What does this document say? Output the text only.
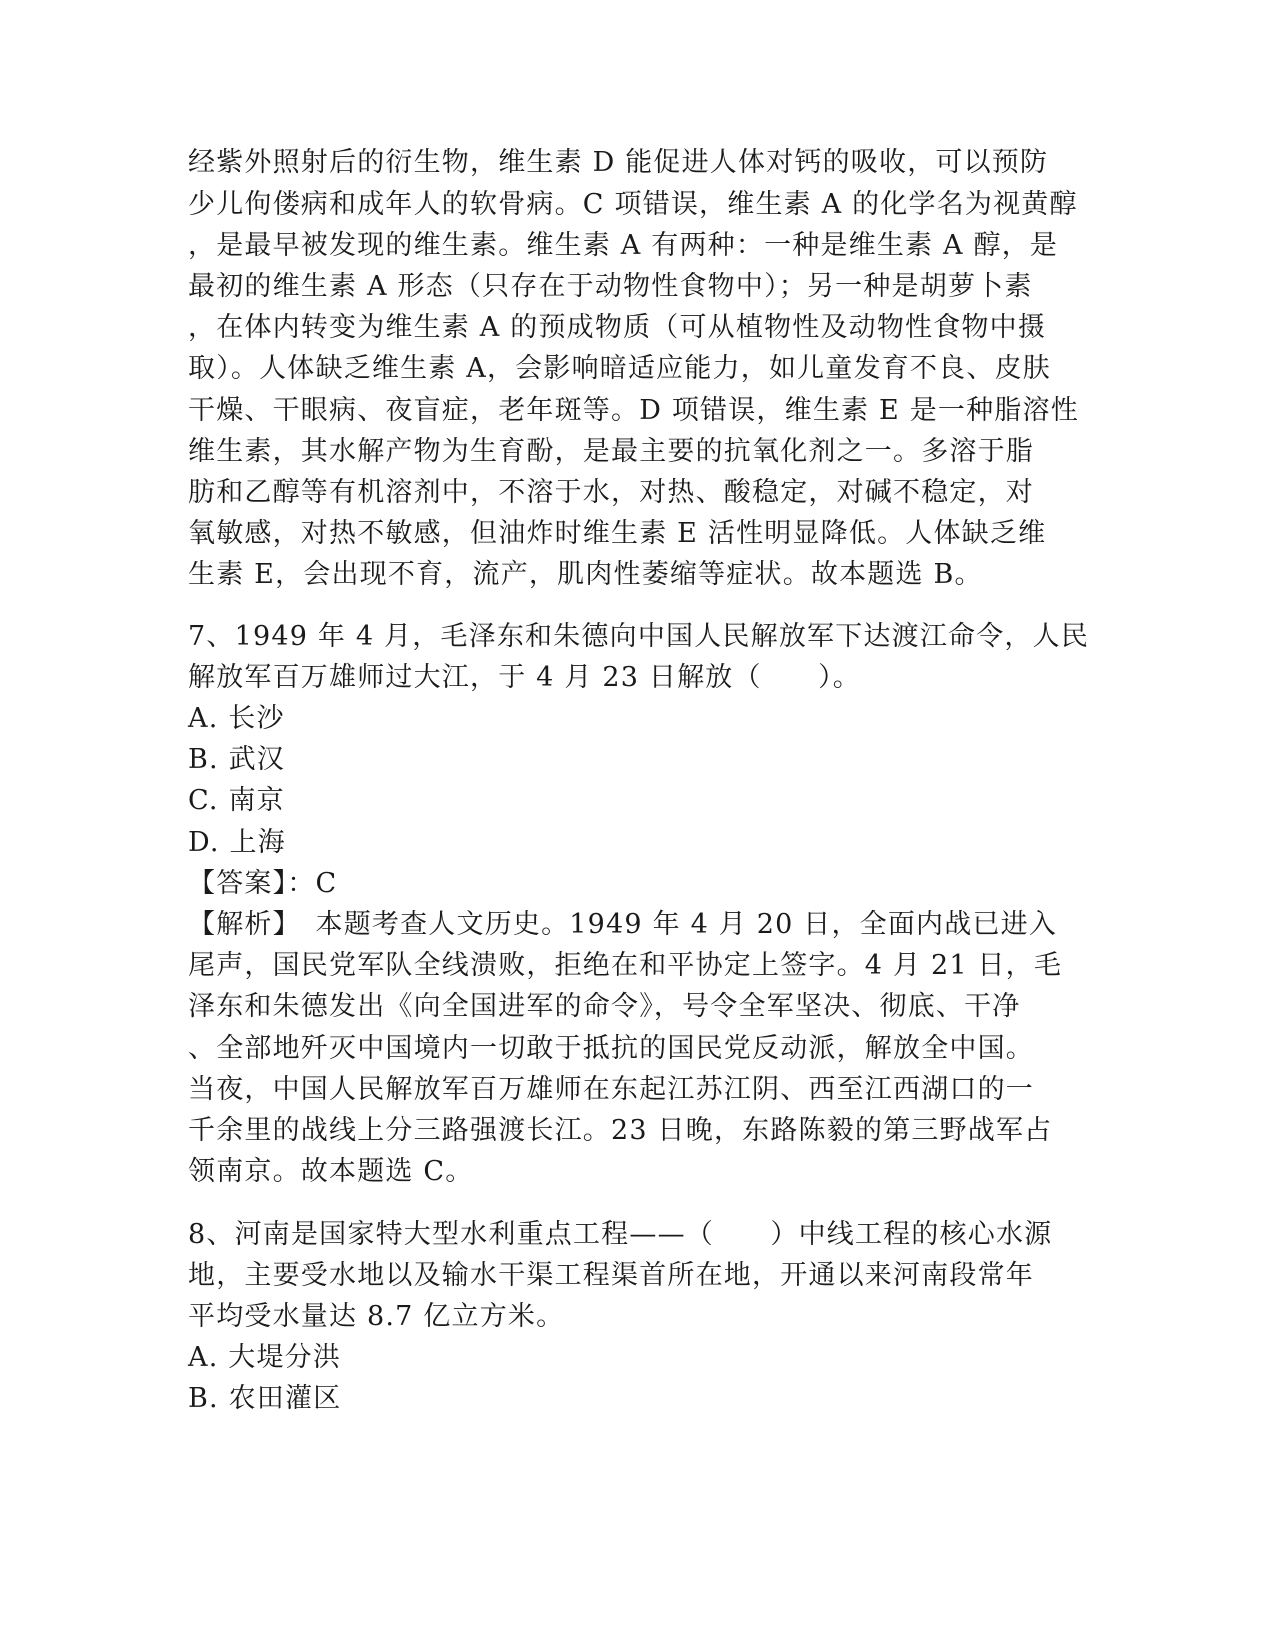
经紫外照射后的衍生物，维生素 D 能促进人体对钙的吸收，可以预防
少儿佝偻病和成年人的软骨病。C 项错误，维生素 A 的化学名为视黄醇
，是最早被发现的维生素。维生素 A 有两种：一种是维生素 A 醇，是
最初的维生素 A 形态（只存在于动物性食物中）；另一种是胡萝卜素
，在体内转变为维生素 A 的预成物质（可从植物性及动物性食物中摄
取）。人体缺乏维生素 A，会影响暗适应能力，如儿童发育不良、皮肤
干燥、干眼病、夜盲症，老年斑等。D 项错误，维生素 E 是一种脂溶性
维生素，其水解产物为生育酚，是最主要的抗氧化剂之一。多溶于脂
肪和乙醇等有机溶剂中，不溶于水，对热、酸稳定，对碱不稳定，对
氧敏感，对热不敏感，但油炸时维生素 E 活性明显降低。人体缺乏维
生素 E，会出现不育，流产，肌肉性萎缩等症状。故本题选 B。
7、1949 年 4 月，毛泽东和朱德向中国人民解放军下达渡江命令，人民
解放军百万雄师过大江，于 4 月 23 日解放（　　）。
A. 长沙
B. 武汉
C. 南京
D. 上海
【答案】：C
【解析】　本题考查人文历史。1949 年 4 月 20 日，全面内战已进入
尾声，国民党军队全线溃败，拒绝在和平协定上签字。4 月 21 日，毛
泽东和朱德发出《向全国进军的命令》，号令全军坚决、彻底、干净
、全部地歼灭中国境内一切敢于抵抗的国民党反动派，解放全中国。
当夜，中国人民解放军百万雄师在东起江苏江阴、西至江西湖口的一
千余里的战线上分三路强渡长江。23 日晚，东路陈毅的第三野战军占
领南京。故本题选 C。
8、河南是国家特大型水利重点工程——（　　）中线工程的核心水源
地，主要受水地以及输水干渠工程渠首所在地，开通以来河南段常年
平均受水量达 8.7 亿立方米。
A. 大堤分洪
B. 农田灌区
